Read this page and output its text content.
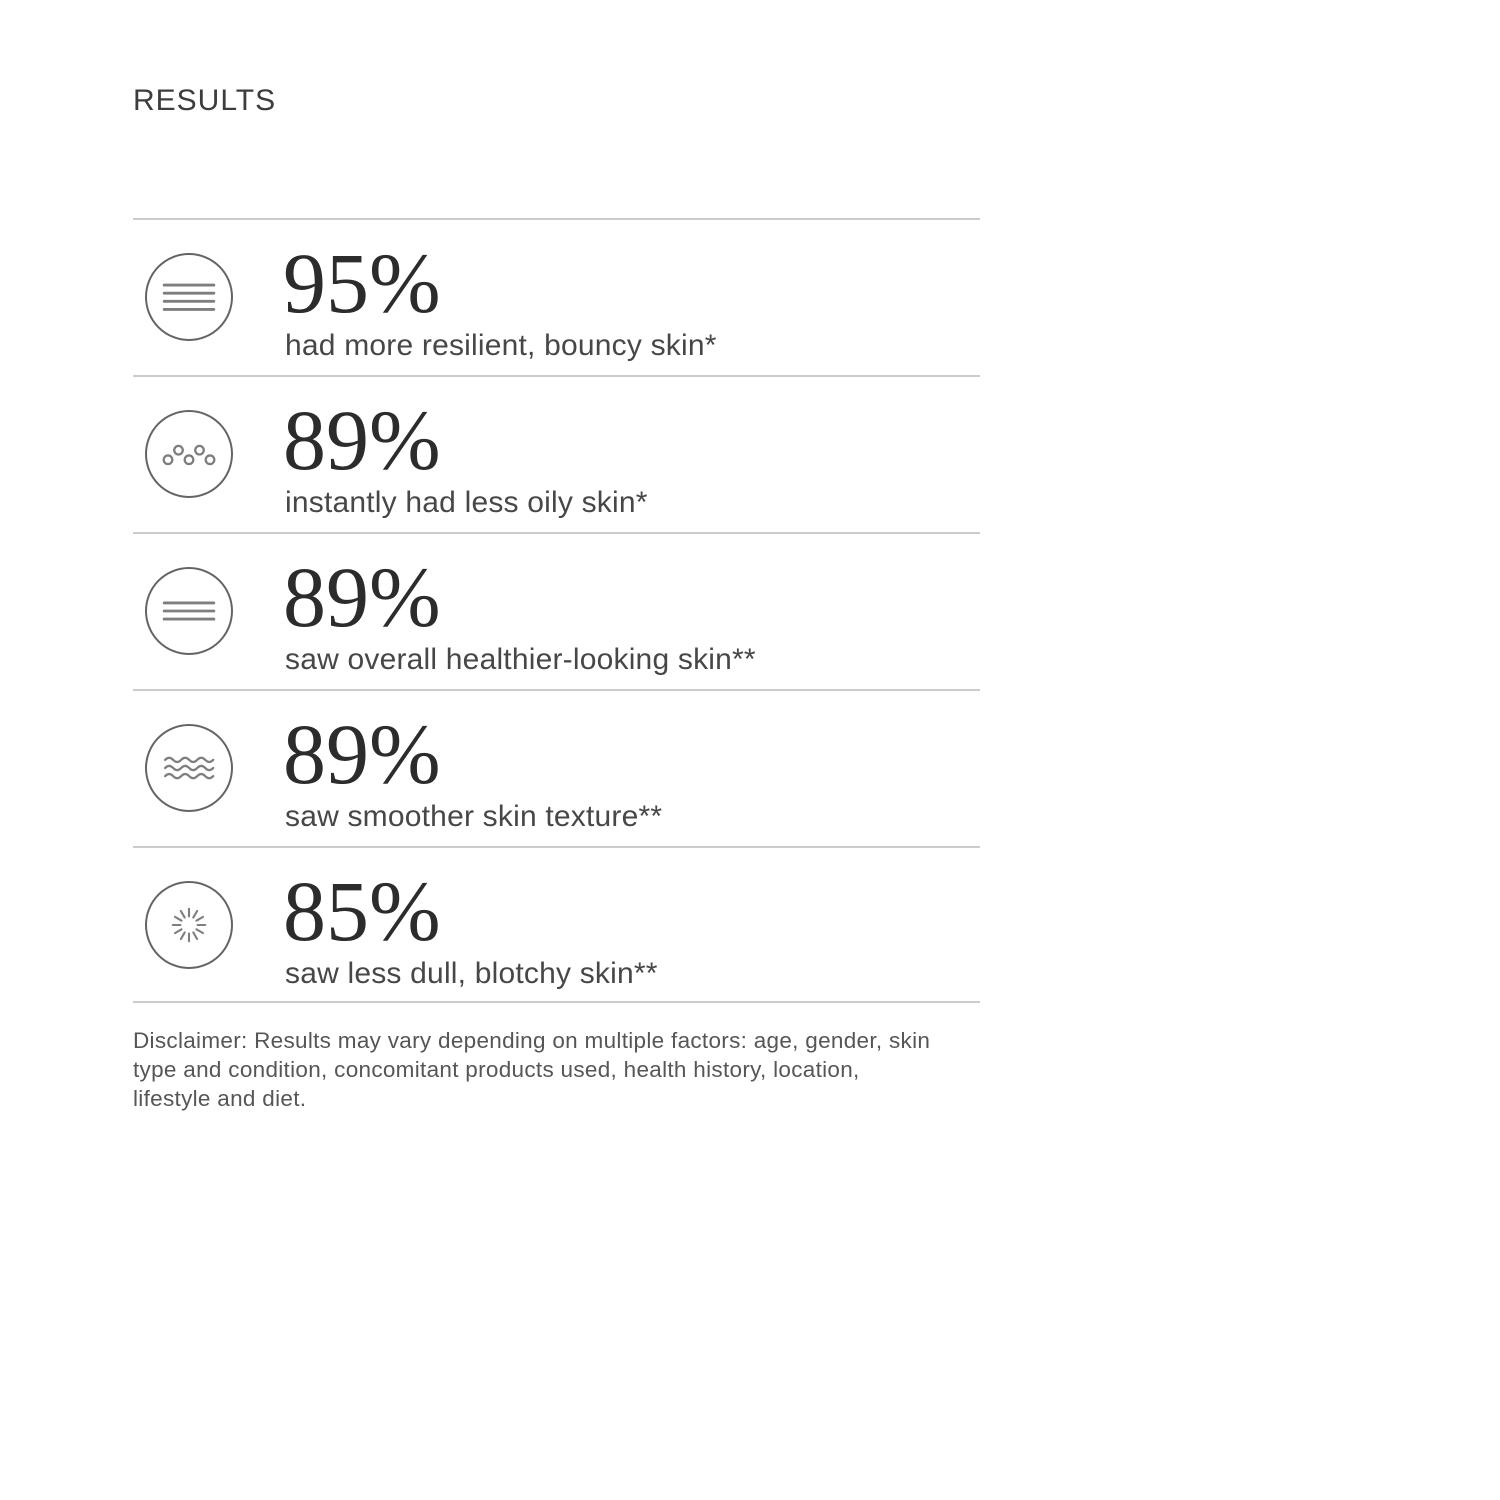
RESULTS
95%
had more resilient, bouncy skin*
89%
instantly had less oily skin*
89%
saw overall healthier-looking skin**
89%
saw smoother skin texture**
85%
saw less dull, blotchy skin**
Disclaimer: Results may vary depending on multiple factors: age, gender, skin
type and condition, concomitant products used, health history, location,
lifestyle and diet.
